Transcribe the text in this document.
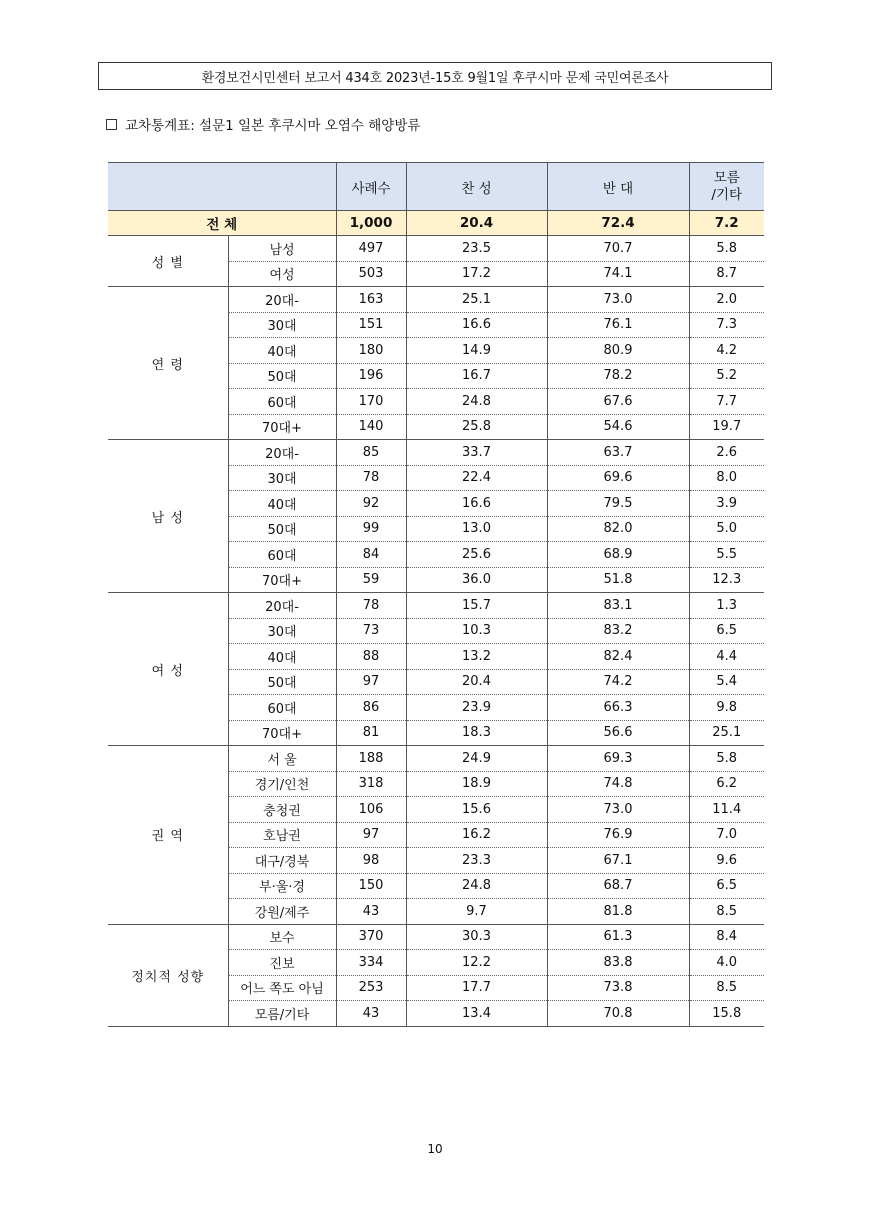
환경보건시민센터 보고서 434호 2023년-15호 9월1일 후쿠시마 문제 국민여론조사
교차통계표: 설문1 일본 후쿠시마 오염수 해양방류
		사례수	찬 성	반 대	모름
/기타
전 체		1,000	20.4	72.4	7.2
성 별	남성	497	23.5	70.7	5.8
	여성	503	17.2	74.1	8.7
연 령	20대-	163	25.1	73.0	2.0
	30대	151	16.6	76.1	7.3
	40대	180	14.9	80.9	4.2
	50대	196	16.7	78.2	5.2
	60대	170	24.8	67.6	7.7
	70대+	140	25.8	54.6	19.7
남 성	20대-	85	33.7	63.7	2.6
	30대	78	22.4	69.6	8.0
	40대	92	16.6	79.5	3.9
	50대	99	13.0	82.0	5.0
	60대	84	25.6	68.9	5.5
	70대+	59	36.0	51.8	12.3
여 성	20대-	78	15.7	83.1	1.3
	30대	73	10.3	83.2	6.5
	40대	88	13.2	82.4	4.4
	50대	97	20.4	74.2	5.4
	60대	86	23.9	66.3	9.8
	70대+	81	18.3	56.6	25.1
권 역	서 울	188	24.9	69.3	5.8
	경기/인천	318	18.9	74.8	6.2
	충청권	106	15.6	73.0	11.4
	호남권	97	16.2	76.9	7.0
	대구/경북	98	23.3	67.1	9.6
	부·울·경	150	24.8	68.7	6.5
	강원/제주	43	9.7	81.8	8.5
정치적 성향	보수	370	30.3	61.3	8.4
	진보	334	12.2	83.8	4.0
	어느 쪽도 아님	253	17.7	73.8	8.5
	모름/기타	43	13.4	70.8	15.8
10
